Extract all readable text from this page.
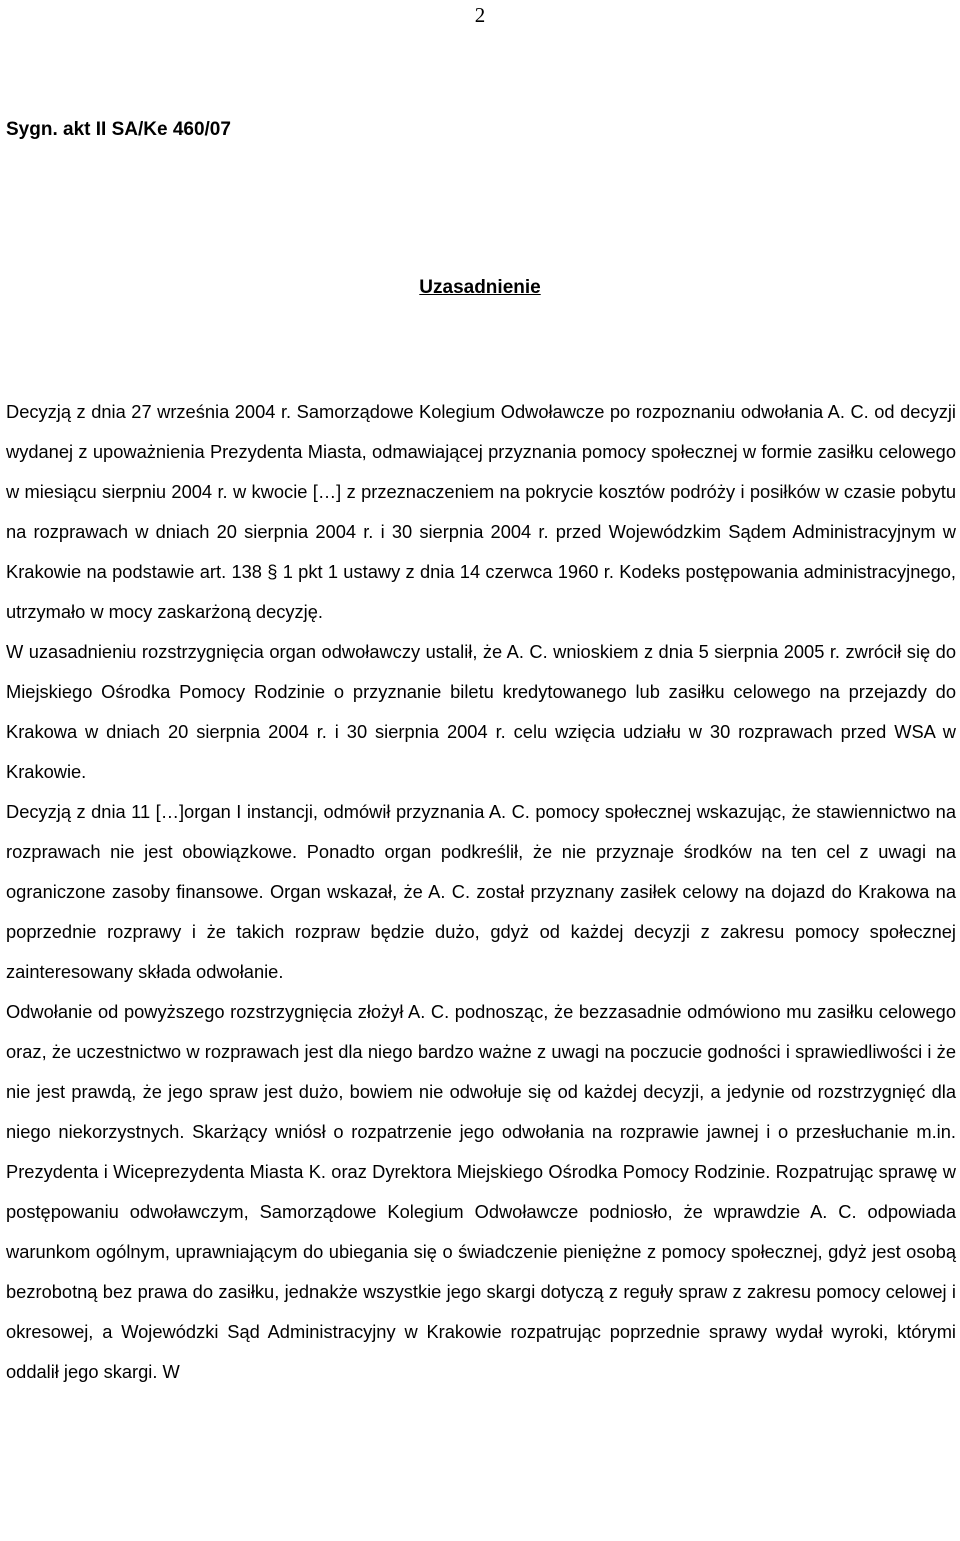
2
Sygn. akt II SA/Ke 460/07
Uzasadnienie

Decyzją z dnia 27 września 2004 r. Samorządowe Kolegium Odwoławcze po rozpoznaniu odwołania A. C. od decyzji wydanej z upoważnienia Prezydenta Miasta, odmawiającej przyznania pomocy społecznej w formie zasiłku celowego w miesiącu sierpniu 2004 r. w kwocie […] z przeznaczeniem na pokrycie kosztów podróży i posiłków w czasie pobytu na rozprawach w dniach 20 sierpnia 2004 r. i 30 sierpnia 2004 r. przed Wojewódzkim Sądem Administracyjnym w Krakowie na podstawie art. 138 § 1 pkt 1 ustawy z dnia 14 czerwca 1960 r. Kodeks postępowania administracyjnego, utrzymało w mocy zaskarżoną decyzję.

W uzasadnieniu rozstrzygnięcia organ odwoławczy ustalił, że A. C. wnioskiem z dnia 5 sierpnia 2005 r. zwrócił się do Miejskiego Ośrodka Pomocy Rodzinie o przyznanie biletu kredytowanego lub zasiłku celowego na przejazdy do Krakowa w dniach 20 sierpnia 2004 r. i 30 sierpnia 2004 r. celu wzięcia udziału w 30 rozprawach przed WSA w Krakowie.

Decyzją z dnia 11 […]organ I instancji, odmówił przyznania A. C. pomocy społecznej wskazując, że stawiennictwo na rozprawach nie jest obowiązkowe. Ponadto organ podkreślił, że nie przyznaje środków na ten cel z uwagi na ograniczone zasoby finansowe. Organ wskazał, że A. C. został przyznany zasiłek celowy na dojazd do Krakowa na poprzednie rozprawy i że takich rozpraw będzie dużo, gdyż od każdej decyzji z zakresu pomocy społecznej zainteresowany składa odwołanie.

Odwołanie od powyższego rozstrzygnięcia złożył A. C. podnosząc, że bezzasadnie odmówiono mu zasiłku celowego oraz, że uczestnictwo w rozprawach jest dla niego bardzo ważne z uwagi na poczucie godności i sprawiedliwości i że nie jest prawdą, że jego spraw jest dużo, bowiem nie odwołuje się od każdej decyzji, a jedynie od rozstrzygnięć dla niego niekorzystnych. Skarżący wniósł o rozpatrzenie jego odwołania na rozprawie jawnej i o przesłuchanie m.in. Prezydenta i Wiceprezydenta Miasta K. oraz Dyrektora Miejskiego Ośrodka Pomocy Rodzinie. Rozpatrując sprawę w postępowaniu odwoławczym, Samorządowe Kolegium Odwoławcze podniosło, że wprawdzie A. C. odpowiada warunkom ogólnym, uprawniającym do ubiegania się o świadczenie pieniężne z pomocy społecznej, gdyż jest osobą bezrobotną bez prawa do zasiłku, jednakże wszystkie jego skargi dotyczą z reguły spraw z zakresu pomocy celowej i okresowej, a Wojewódzki Sąd Administracyjny w Krakowie rozpatrując poprzednie sprawy wydał wyroki, którymi oddalił jego skargi. W
